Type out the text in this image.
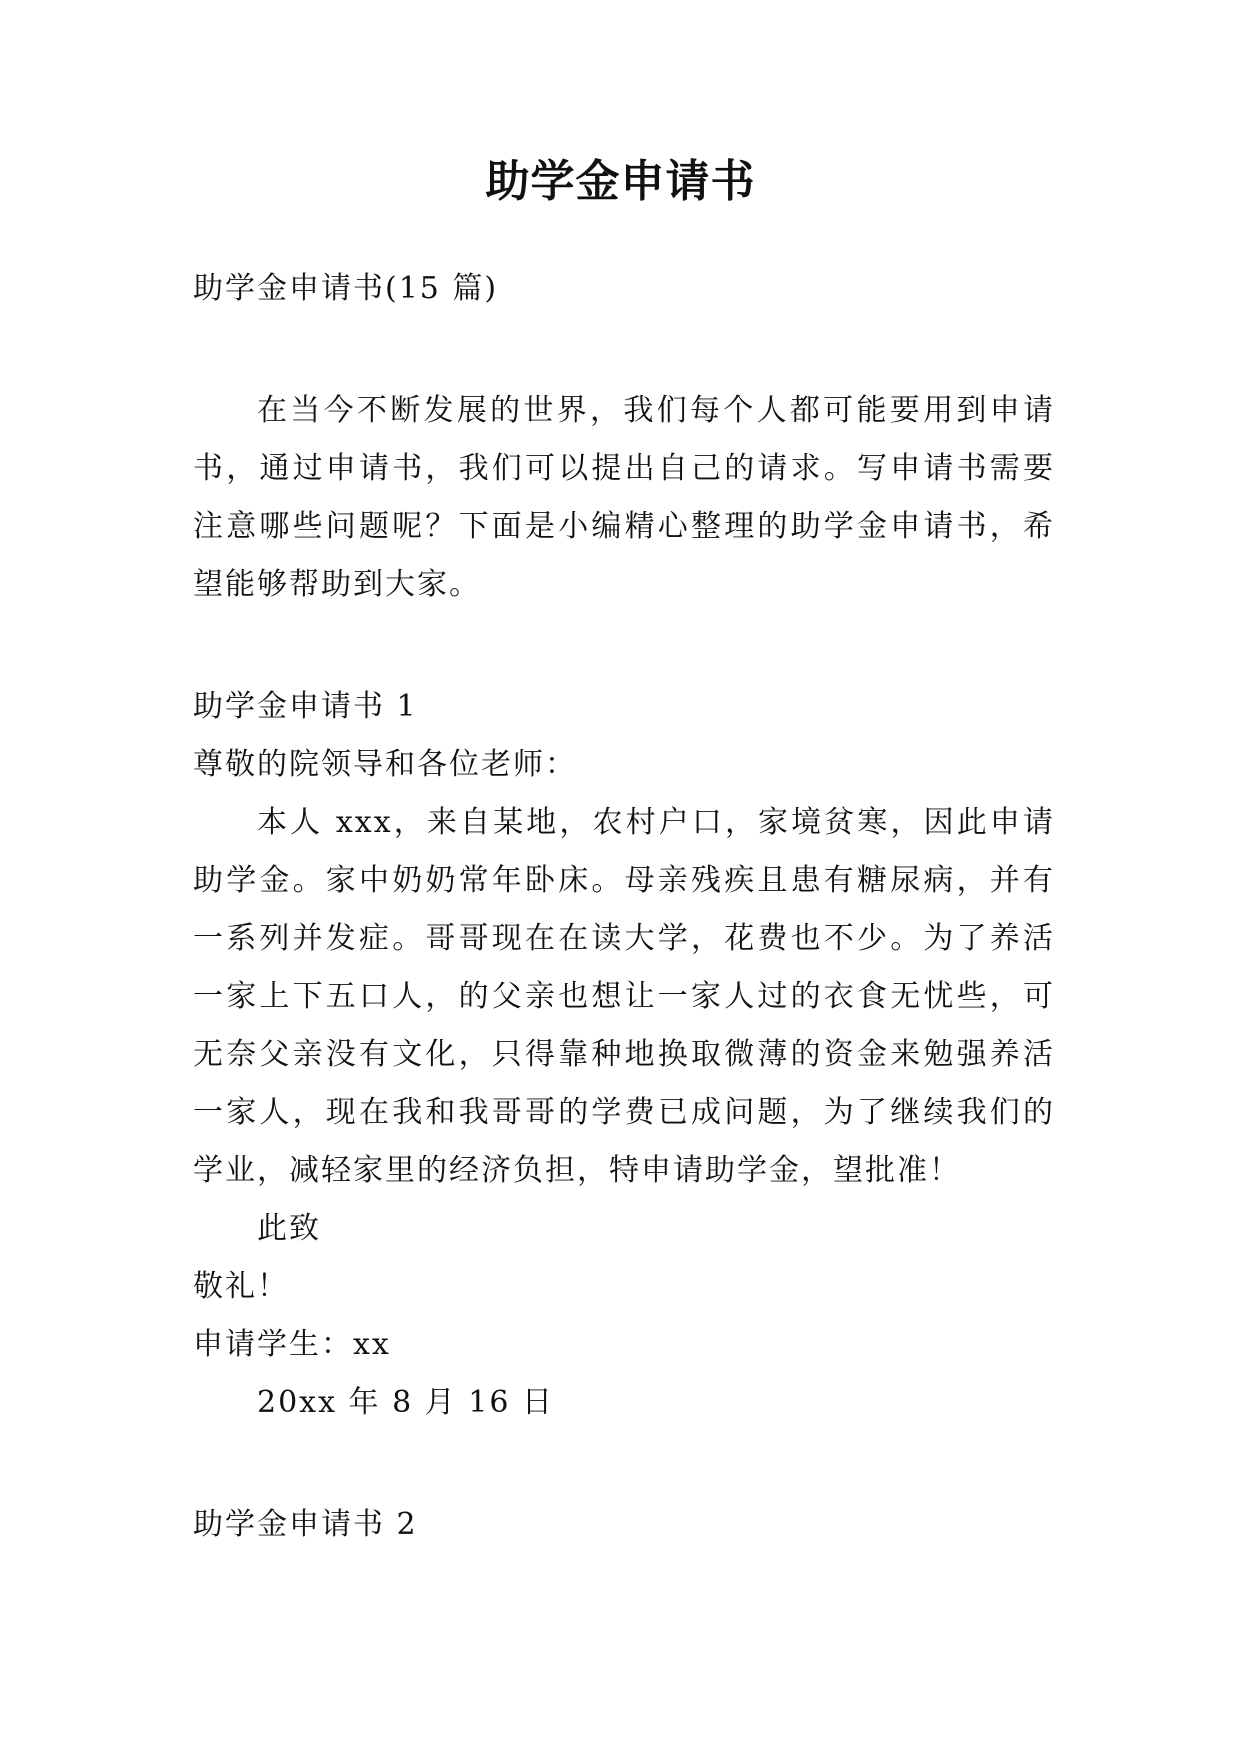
助学金申请书
助学金申请书(15 篇)
在当今不断发展的世界，我们每个人都可能要用到申请
书，通过申请书，我们可以提出自己的请求。写申请书需要
注意哪些问题呢？下面是小编精心整理的助学金申请书，希
望能够帮助到大家。
助学金申请书 1
尊敬的院领导和各位老师：
本人 xxx，来自某地，农村户口，家境贫寒，因此申请
助学金。家中奶奶常年卧床。母亲残疾且患有糖尿病，并有
一系列并发症。哥哥现在在读大学，花费也不少。为了养活
一家上下五口人，的父亲也想让一家人过的衣食无忧些，可
无奈父亲没有文化，只得靠种地换取微薄的资金来勉强养活
一家人，现在我和我哥哥的学费已成问题，为了继续我们的
学业，减轻家里的经济负担，特申请助学金，望批准！
此致
敬礼！
申请学生：xx
20xx 年 8 月 16 日
助学金申请书 2
